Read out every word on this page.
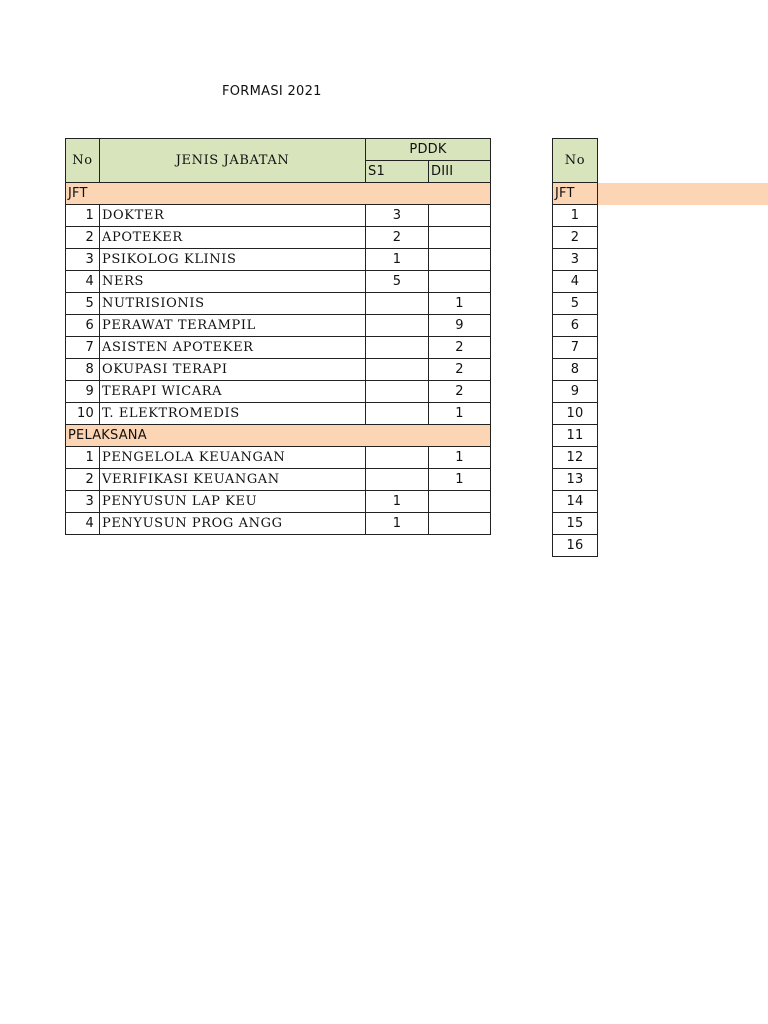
FORMASI 2021
No	JENIS JABATAN	PDDK	
		S1	DIII
JFT			
1	DOKTER	3	
2	APOTEKER	2	
3	PSIKOLOG KLINIS	1	
4	NERS	5	
5	NUTRISIONIS		1
6	PERAWAT TERAMPIL		9
7	ASISTEN APOTEKER		2
8	OKUPASI TERAPI		2
9	TERAPI WICARA		2
10	T. ELEKTROMEDIS		1
PELAKSANA			
1	PENGELOLA KEUANGAN		1
2	VERIFIKASI KEUANGAN		1
3	PENYUSUN LAP KEU	1	
4	PENYUSUN PROG ANGG	1	
No	

JFT	
1	
2	
3	
4	
5	
6	
7	
8	
9	
10	
11	
12	
13	
14	
15	
16	
